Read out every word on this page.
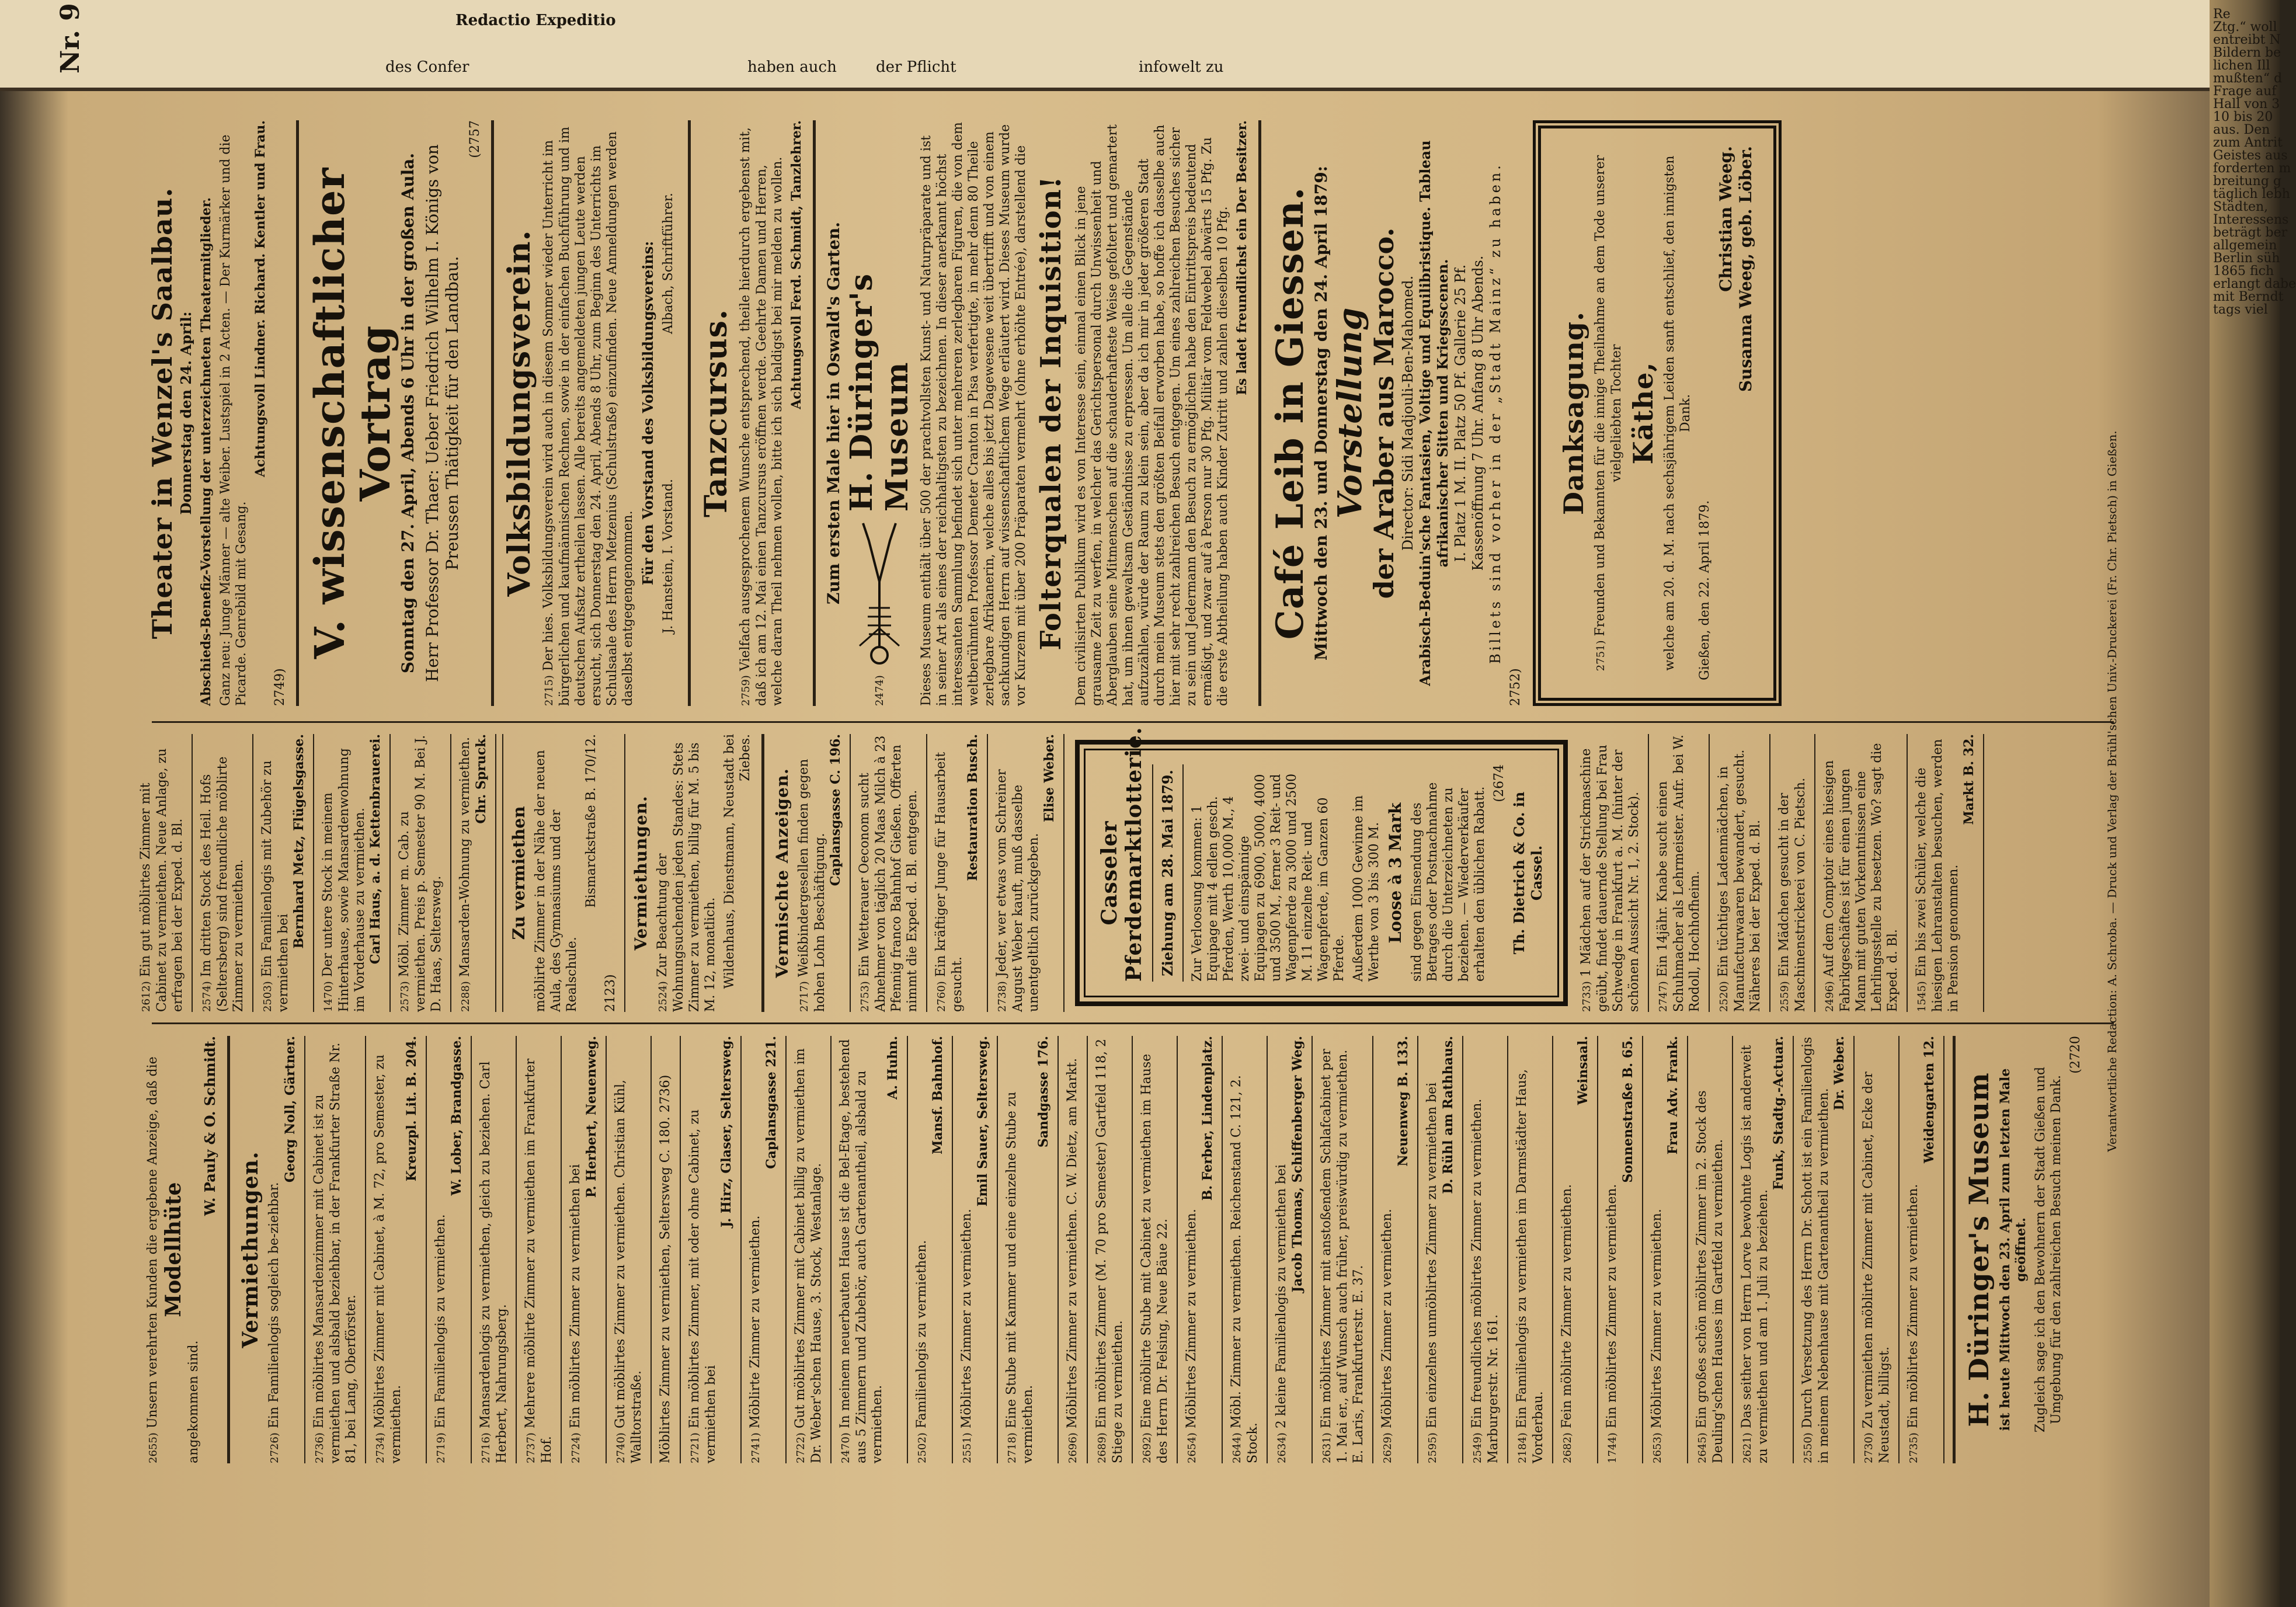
Nr. 9	des Confer	haben auch	der Pflicht	infowelt zu
Redactio Expeditio
2655) Unsern verehrten Kunden die ergebene Anzeige, daß die Modellhüte
angekommen sind.
W. Pauly & O. Schmidt.
Vermiethungen.
2726) Ein Familienlogis sogleich be-ziehbar.
Georg Noll, Gärtner.
2736) Ein möblirtes Mansardenzimmer mit Cabinet ist zu vermiethen und alsbald beziehbar, in der Frankfurter Straße Nr. 81, bei Lang, Oberförster. 2734) Möblirtes Zimmer mit Cabinet, à M. 72, pro Semester, zu vermiethen.
Kreuzpl. Lit. B. 204.
2719) Ein Familienlogis zu vermiethen.
W. Lober, Brandgasse.
2716) Mansardenlogis zu vermiethen, gleich zu beziehen. Carl Herbert, Nahrungsberg. 2737) Mehrere möblirte Zimmer zu vermiethen im Frankfurter Hof. 2724) Ein möblirtes Zimmer zu vermiethen bei
P. Herbert, Neuenweg.
2740) Gut möblirtes Zimmer zu vermiethen. Christian Kühl, Walltorstraße. Möblirtes Zimmer zu vermiethen, Seltersweg C. 180. 2736) 2721) Ein möblirtes Zimmer, mit oder ohne Cabinet, zu vermiethen bei
J. Hirz, Glaser, Seltersweg.
2741) Möblirte Zimmer zu vermiethen.
Caplansgasse 221.
2722) Gut möblirtes Zimmer mit Cabinet billig zu vermiethen im Dr. Weber'schen Hause, 3. Stock, Westanlage. 2470) In meinem neuerbauten Hause ist die Bel-Etage, bestehend aus 5 Zimmern und Zubehör, auch Gartenantheil, alsbald zu vermiethen.
A. Huhn.
2502) Familienlogis zu vermiethen.
Mansf. Bahnhof.
2551) Möblirtes Zimmer zu vermiethen.
Emil Sauer, Seltersweg.
2718) Eine Stube mit Kammer und eine einzelne Stube zu vermiethen.
Sandgasse 176.
2696) Möblirtes Zimmer zu vermiethen. C. W. Dietz, am Markt.
2689) Ein möblirtes Zimmer (M. 70 pro Semester) Gartfeld 118, 2 Stiege zu vermiethen. 2692) Eine möblirte Stube mit Cabinet zu vermiethen im Hause des Herrn Dr. Felsing, Neue Bäue 22. 2654) Möblirtes Zimmer zu vermiethen.
B. Ferber, Lindenplatz.
2644) Möbl. Zimmer zu vermiethen. Reichenstand C. 121, 2. Stock. 2634) 2 kleine Familienlogis zu vermiethen bei
Jacob Thomas, Schiffenberger Weg.
2631) Ein möblirtes Zimmer mit anstoßendem Schlafcabinet per 1. Mai er., auf Wunsch auch früher, preiswürdig zu vermiethen. E. Laris, Frankfurterstr. E. 37. 2629) Möblirtes Zimmer zu vermiethen.
Neuenweg B. 133.
2595) Ein einzelnes unmöblirtes Zimmer zu vermiethen bei D. Rühl am Rathhaus.
2549) Ein freundliches möblirtes Zimmer zu vermiethen. Marburgerstr. Nr. 161. 2184) Ein Familienlogis zu vermiethen im Darmstädter Haus, Vorderbau. 2682) Fein möblirte Zimmer zu vermiethen.
Weinsaal.
1744) Ein möblirtes Zimmer zu vermiethen.
Sonnenstraße B. 65.
2653) Möblirtes Zimmer zu vermiethen.
Frau Adv. Frank.
2645) Ein großes schön möblirtes Zimmer im 2. Stock des Deuling'schen Hauses im Gartfeld zu vermiethen. 2621) Das seither von Herrn Lorve bewohnte Logis ist anderweit zu vermiethen und am 1. Juli zu beziehen.
Funk, Stadtg.-Actuar.
2550) Durch Versetzung des Herrn Dr. Schott ist ein Familienlogis in meinem Nebenhause mit Gartenantheil zu vermiethen.
Dr. Weber.
2730) Zu vermiethen möblirte Zimmer mit Cabinet, Ecke der Neustadt, billigst. 2735) Ein möblirtes Zimmer zu vermiethen.
Weidengarten 12. H. Düringer's Museum ist heute Mittwoch den 23. April zum letzten Male geöffnet. Zugleich sage ich den Bewohnern der Stadt Gießen und Umgebung für den zahlreichen Besuch meinen Dank.
(2720
2612) Ein gut möblirtes Zimmer mit Cabinet zu vermiethen. Neue Anlage, zu erfragen bei der Exped. d. Bl. 2574) Im dritten Stock des Heil. Hofs (Seltersberg) sind freundliche möblirte Zimmer zu vermiethen. 2503) Ein Familienlogis mit Zubehör zu vermiethen bei
Bernhard Metz, Flügelsgasse.
1470) Der untere Stock in meinem Hinterhause, sowie Mansardenwohnung im Vorderhause zu vermiethen. Carl Haus, a. d. Kettenbrauerei.
2573) Möbl. Zimmer m. Cab. zu vermiethen. Preis p. Semester 90 M. Bei J. D. Haas, Seltersweg. 2288) Mansarden-Wohnung zu vermiethen. Chr. Spruck.
Zu vermiethen möblirte Zimmer in der Nähe der neuen Aula, des Gymnasiums und der Realschule.
Bismarckstraße B. 170/12.
2123)
Vermiethungen.
2524) Zur Beachtung der Wohnungsuchenden jeden Standes: Stets Zimmer zu vermiethen, billig für M. 5 bis M. 12, monatlich. Wildenhaus, Dienstmann, Neustadt bei Ziebes.
Vermischte Anzeigen.
2717) Weißbindergesellen finden gegen hohen Lohn Beschäftigung.
Caplansgasse C. 196.
2753) Ein Wetterauer Oeconom sucht Abnehmer von täglich 20 Maas Milch à 23 Pfennig franco Bahnhof Gießen. Offerten nimmt die Exped. d. Bl. entgegen. 2760) Ein kräftiger Junge für Hausarbeit gesucht.
Restauration Busch.
2738) Jeder, wer etwas vom Schreiner August Weber kauft, muß dasselbe unentgeltlich zurückgeben.
Elise Weber.
Casseler Pferdemarktlotterie. Ziehung am 28. Mai 1879. Zur Verloosung kommen: 1 Equipage mit 4 edlen gesch. Pferden, Werth 10,000 M., 4 zwei- und einspännige Equipagen zu 6900, 5000, 4000 und 3500 M., ferner 3 Reit- und Wagenpferde zu 3000 und 2500 M. 11 einzelne Reit- und Wagenpferde, im Ganzen 60 Pferde. Außerdem 1000 Gewinne im Werthe von 3 bis 300 M. Loose à 3 Mark sind gegen Einsendung des Betrages oder Postnachnahme durch die Unterzeichneten zu beziehen. — Wiederverkäufer erhalten den üblichen Rabatt.
(2674
Th. Dietrich & Co. in Cassel.
2733) 1 Mädchen auf der Strickmaschine geübt, findet dauernde Stellung bei Frau Schwedge in Frankfurt a. M. (hinter der schönen Aussicht Nr. 1, 2. Stock). 2747) Ein 14jähr. Knabe sucht einen Schuhmacher als Lehrmeister. Aufr. bei W. Rodoll, Hochhofheim. 2520) Ein tüchtiges Ladenmädchen, in Manufacturwaaren bewandert, gesucht. Näheres bei der Exped. d. Bl. 2559) Ein Mädchen gesucht in der Maschinenstrickerei von C. Pietsch. 2496) Auf dem Comptoir eines hiesigen Fabrikgeschäftes ist für einen jungen Mann mit guten Vorkenntnissen eine Lehrlingsstelle zu besetzen. Wo? sagt die Exped. d. Bl. 1545) Ein bis zwei Schüler, welche die hiesigen Lehranstalten besuchen, werden in Pension genommen.
Markt B. 32.
Theater in Wenzel's Saalbau. Donnerstag den 24. April: Abschieds-Benefiz-Vorstellung der unterzeichneten Theatermitglieder. Ganz neu: Junge Männer — alte Weiber. Lustspiel in 2 Acten. — Der Kurmärker und die Picarde. Genrebild mit Gesang.
Achtungsvoll Lindner. Richard. Kentler und Frau.
2749)
V. wissenschaftlicher Vortrag
Sonntag den 27. April, Abends 6 Uhr in der großen Aula. Herr Professor Dr. Thaer: Ueber Friedrich Wilhelm I. Königs von Preussen Thätigkeit für den Landbau.
(2757
Volksbildungsverein.
2715) Der hies. Volksbildungsverein wird auch in diesem Sommer wieder Unterricht im bürgerlichen und kaufmännischen Rechnen, sowie in der einfachen Buchführung und im deutschen Aufsatz ertheilen lassen. Alle bereits angemeldeten jungen Leute werden ersucht, sich Donnerstag den 24. April, Abends 8 Uhr, zum Beginn des Unterrichts im Schulsaale des Herrn Metzenius (Schulstraße) einzufinden. Neue Anmeldungen werden daselbst entgegengenommen.
Für den Vorstand des Volksbildungsvereins: J. Hanstein, I. Vorstand.
Albach, Schriftführer.
Tanzcursus.
2759) Vielfach ausgesprochenem Wunsche entsprechend, theile hierdurch ergebenst mit, daß ich am 12. Mai einen Tanzcursus eröffnen werde. Geehrte Damen und Herren, welche daran Theil nehmen wollen, bitte ich sich baldigst bei mir melden zu wollen. Achtungsvoll Ferd. Schmidt, Tanzlehrer. Zum ersten Male hier in Oswald's Garten.
2474)
H. Düringer's Museum Dieses Museum enthält über 500 der prachtvollsten Kunst- und Naturpräparate und ist in seiner Art als eines der reichhaltigsten zu bezeichnen. In dieser anerkannt höchst interessanten Sammlung befindet sich unter mehreren zerlegbaren Figuren, die von dem weltberühmten Professor Demeter Cranton in Pisa verfertigte, in mehr denn 80 Theile zerlegbare Afrikanerin, welche alles bis jetzt Dagewesene weit übertrifft und von einem sachkundigen Herrn auf wissenschaftlichem Wege erläutert wird. Dieses Museum wurde vor Kurzem mit über 200 Präparaten vermehrt (ohne erhöhte Entrée), darstellend die Folterqualen der Inquisition! Dem civilisirten Publikum wird es von Interesse sein, einmal einen Blick in jene grausame Zeit zu werfen, in welcher das Gerichtspersonal durch Unwissenheit und Aberglauben seine Mitmenschen auf die schauderhafteste Weise gefoltert und gemartert hat, um ihnen gewaltsam Geständnisse zu erpressen. Um alle die Gegenstände aufzuzählen, würde der Raum zu klein sein, aber da ich mir in jeder größeren Stadt durch mein Museum stets den größten Beifall erworben habe, so hoffe ich dasselbe auch hier mit sehr recht zahlreichen Besuch entgegen. Um eines zahlreichen Besuches sicher zu sein und Jedermann den Besuch zu ermöglichen habe den Eintrittspreis bedeutend ermäßigt, und zwar auf à Person nur 30 Pfg. Militär vom Feldwebel abwärts 15 Pfg. Zu die erste Abtheilung haben auch Kinder Zutritt und zahlen dieselben 10 Pfg. Es ladet freundlichst ein Der Besitzer. Café Leib in Giessen. Mittwoch den 23. und Donnerstag den 24. April 1879: Vorstellung
der Araber aus Marocco. Director: Sidi Madjouli-Ben-Mahomed. Arabisch-Beduin'sche Fantasien, Voltige und Equilibristique. Tableau afrikanischer Sitten und Kriegsscenen. I. Platz 1 M. II. Platz 50 Pf. Gallerie 25 Pf. Kassenöffnung 7 Uhr. Anfang 8 Uhr Abends. Billets sind vorher in der „Stadt Mainz“ zu haben.
2752)
Danksagung.
2751) Freunden und Bekannten für die innige Theilnahme an dem Tode unserer vielgeliebten Tochter Käthe, welche am 20. d. M. nach sechsjährigem Leiden sanft entschlief, den innigsten Dank.
Gießen, den 22. April 1879.
Christian Weeg. Susanna Weeg, geb. Löber.
Verantwortliche Redaction: A. Schroba. — Druck und Verlag der Brühl'schen Univ.-Druckerei (Fr. Chr. Pietsch) in Gießen.
Re
Ztg.“ woll
entreibt N
Bildern be
lichen Ill
mußten“ d
Frage auf
Hall von 3
10 bis 20
aus. Den
zum Antrit
Geistes aus
forderten m
breitung g
täglich lebh
Städten,
Interessens
beträgt ber
allgemein
Berlin süh
1865 fich
erlangt dabe
mit Berndt
tags viel
